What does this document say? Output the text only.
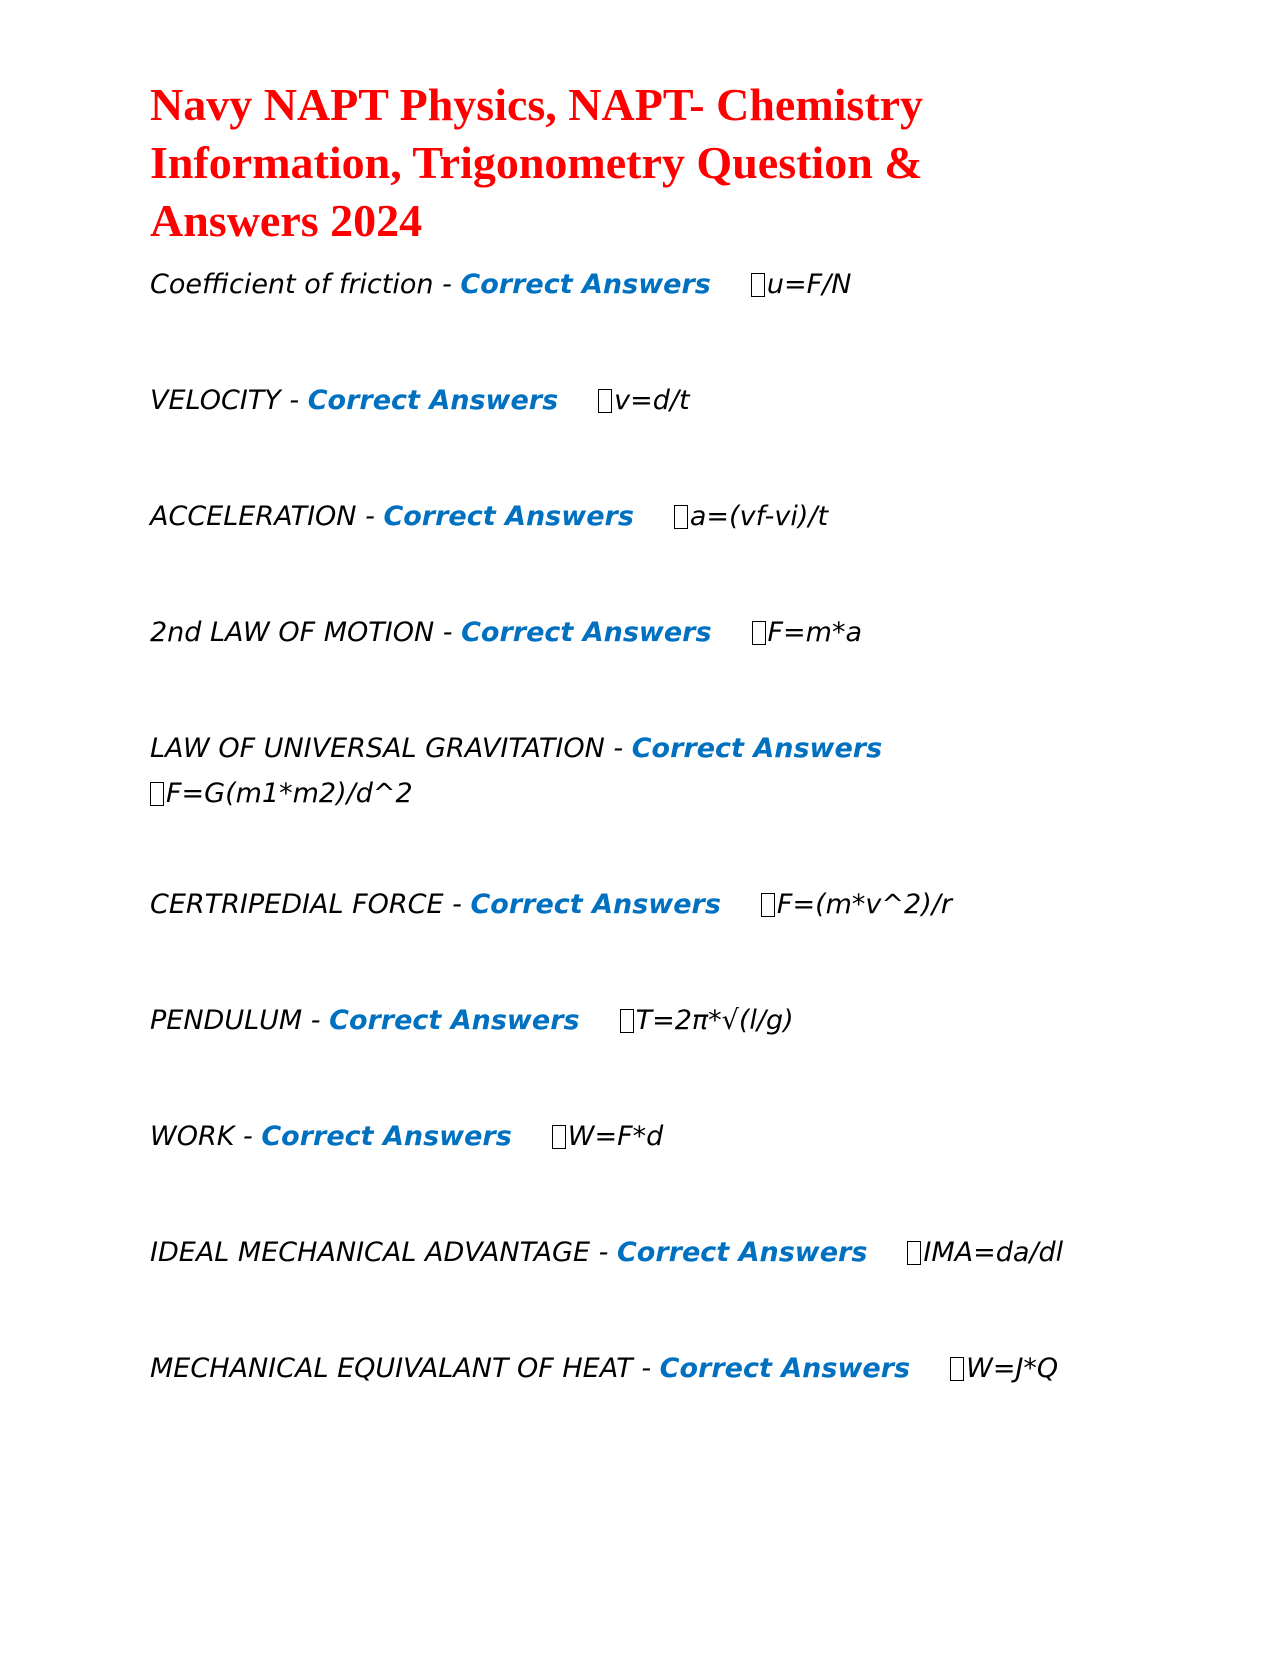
Navy NAPT Physics, NAPT- Chemistry Information, Trigonometry Question & Answers 2024

Coefficient of friction - Correct Answers u=F/N

VELOCITY - Correct Answers v=d/t

ACCELERATION - Correct Answers a=(vf-vi)/t

2nd LAW OF MOTION - Correct Answers F=m*a

LAW OF UNIVERSAL GRAVITATION - Correct Answers
F=G(m1*m2)/d^2

CERTRIPEDIAL FORCE - Correct Answers F=(m*v^2)/r

PENDULUM - Correct Answers T=2π*√(l/g)

WORK - Correct Answers W=F*d

IDEAL MECHANICAL ADVANTAGE - Correct Answers IMA=da/dl

MECHANICAL EQUIVALANT OF HEAT - Correct Answers W=J*Q
